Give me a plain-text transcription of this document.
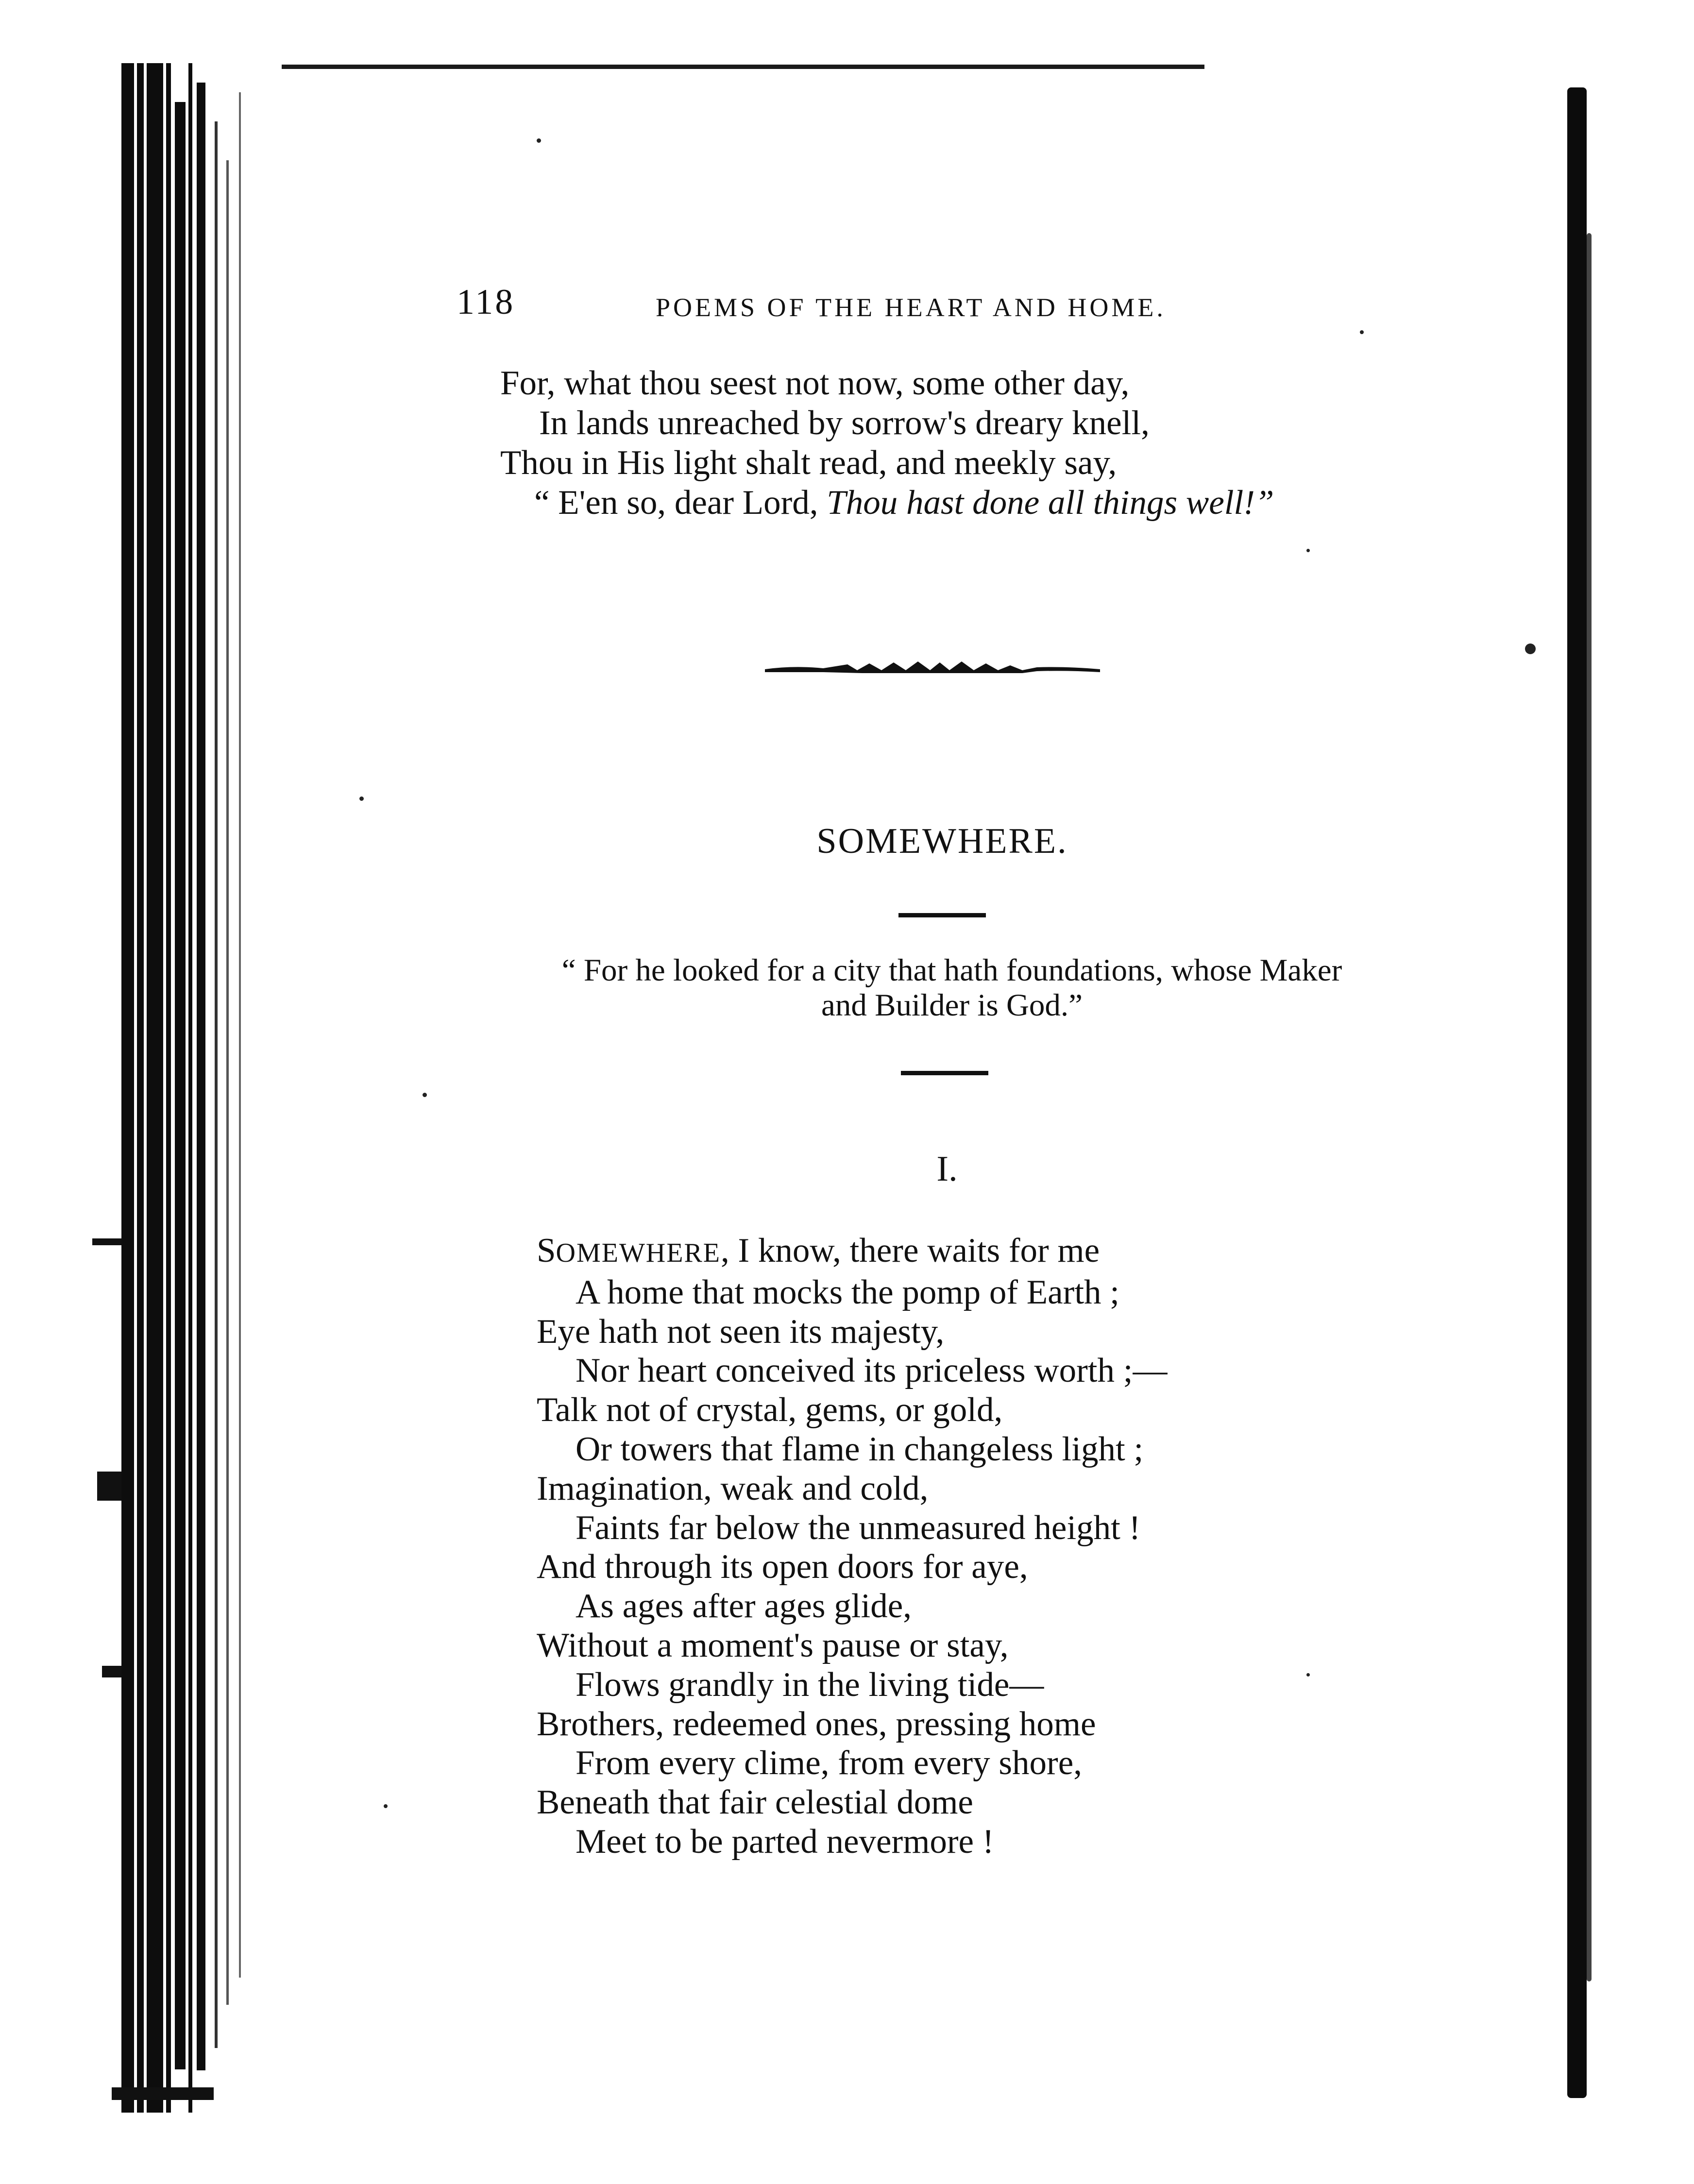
118	POEMS OF THE HEART AND HOME.
For, what thou seest not now, some other day,
In lands unreached by sorrow's dreary knell,
Thou in His light shalt read, and meekly say,
“ E'en so, dear Lord, Thou hast done all things well!”
SOMEWHERE.
“ For he looked for a city that hath foundations, whose Maker
and Builder is God.”
I.
SOMEWHERE, I know, there waits for me
A home that mocks the pomp of Earth ;
Eye hath not seen its majesty,
Nor heart conceived its priceless worth ;—
Talk not of crystal, gems, or gold,
Or towers that flame in changeless light ;
Imagination, weak and cold,
Faints far below the unmeasured height !
And through its open doors for aye,
As ages after ages glide,
Without a moment's pause or stay,
Flows grandly in the living tide—
Brothers, redeemed ones, pressing home
From every clime, from every shore,
Beneath that fair celestial dome
Meet to be parted nevermore !
